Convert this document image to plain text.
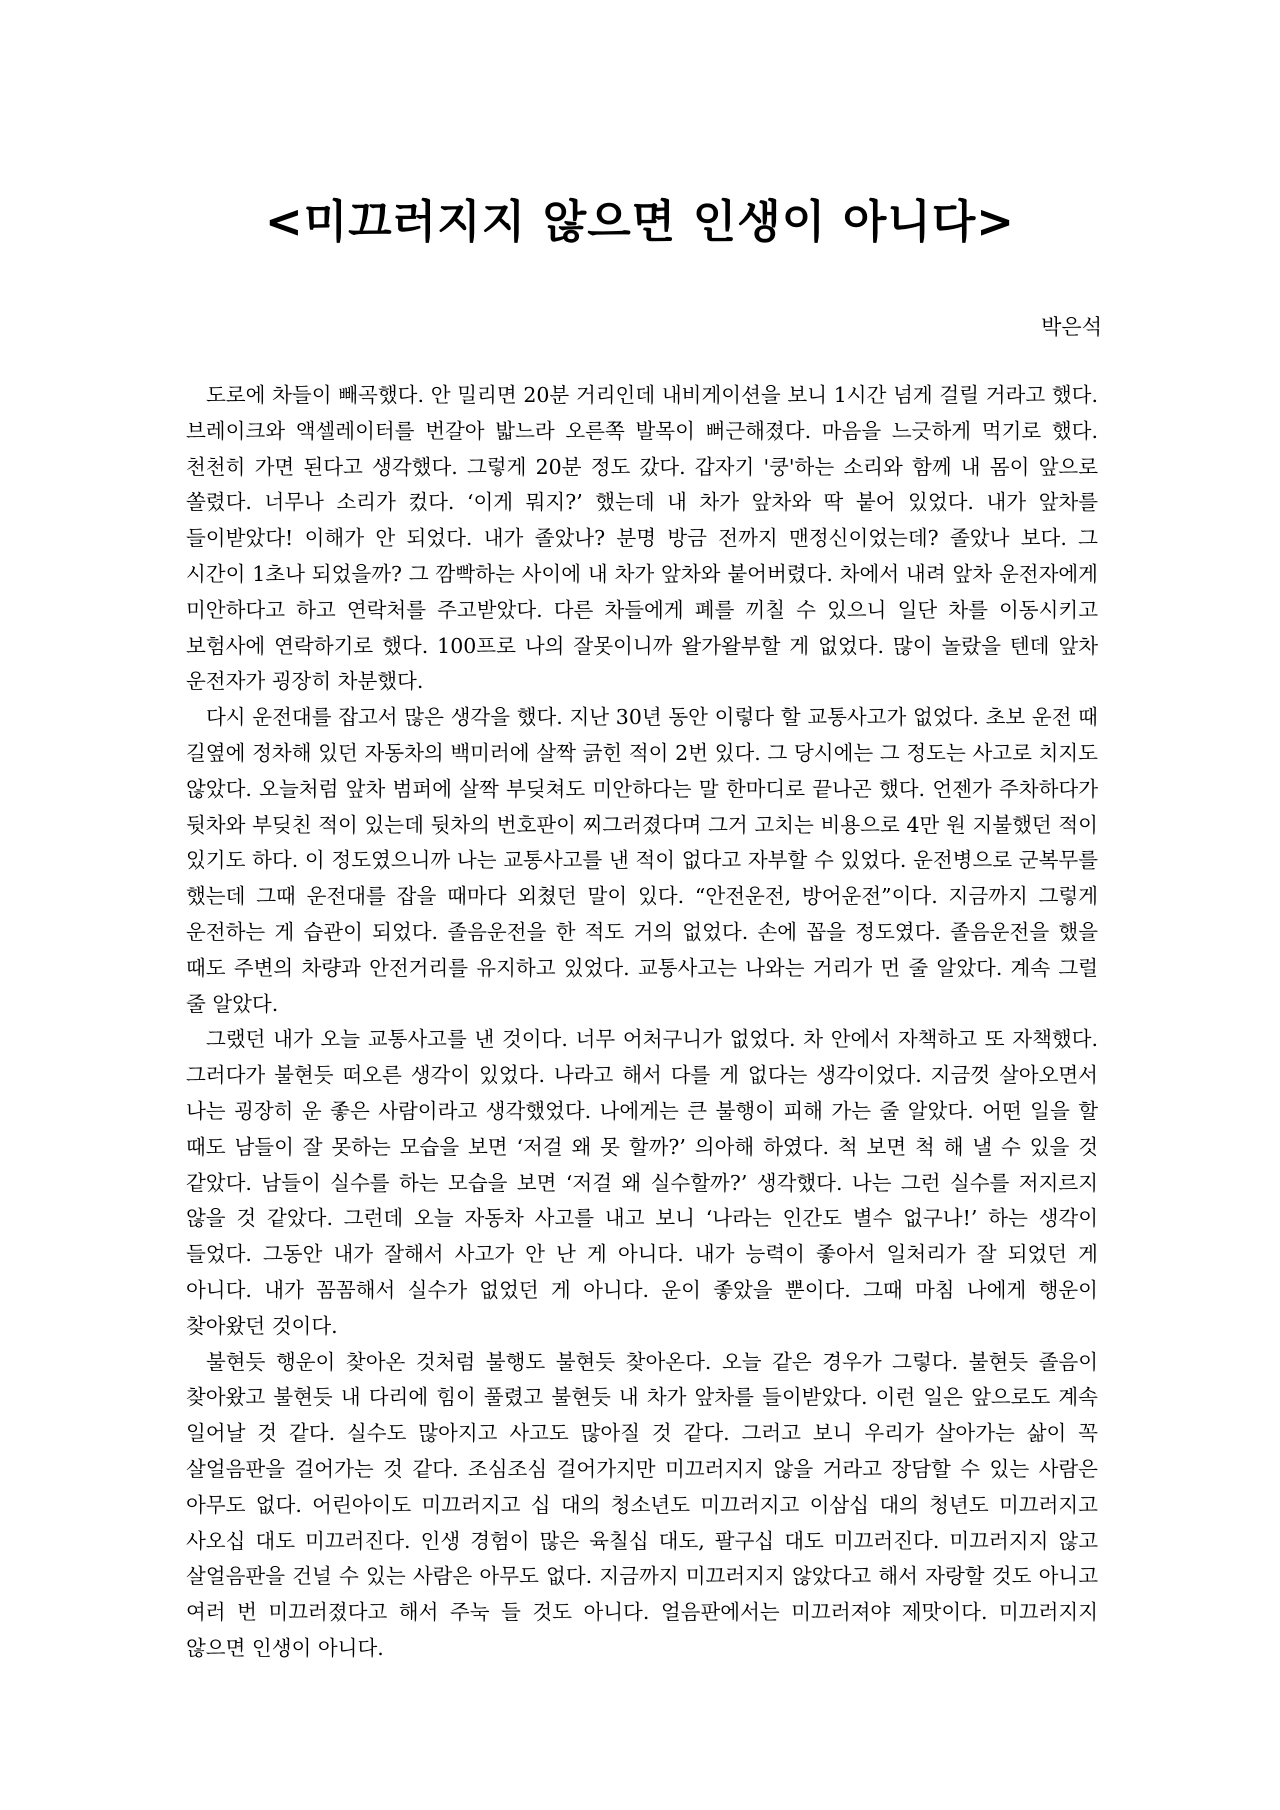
<미끄러지지 않으면 인생이 아니다>
박은석

도로에 차들이 빼곡했다. 안 밀리면 20분 거리인데 내비게이션을 보니 1시간 넘게 걸릴 거라고 했다. 브레이크와 액셀레이터를 번갈아 밟느라 오른쪽 발목이 뻐근해졌다. 마음을 느긋하게 먹기로 했다. 천천히 가면 된다고 생각했다. 그렇게 20분 정도 갔다. 갑자기 '쿵'하는 소리와 함께 내 몸이 앞으로 쏠렸다. 너무나 소리가 컸다. ‘이게 뭐지?’ 했는데 내 차가 앞차와 딱 붙어 있었다. 내가 앞차를 들이받았다! 이해가 안 되었다. 내가 졸았나? 분명 방금 전까지 맨정신이었는데? 졸았나 보다. 그 시간이 1초나 되었을까? 그 깜빡하는 사이에 내 차가 앞차와 붙어버렸다. 차에서 내려 앞차 운전자에게 미안하다고 하고 연락처를 주고받았다. 다른 차들에게 폐를 끼칠 수 있으니 일단 차를 이동시키고 보험사에 연락하기로 했다. 100프로 나의 잘못이니까 왈가왈부할 게 없었다. 많이 놀랐을 텐데 앞차 운전자가 굉장히 차분했다.

다시 운전대를 잡고서 많은 생각을 했다. 지난 30년 동안 이렇다 할 교통사고가 없었다. 초보 운전 때 길옆에 정차해 있던 자동차의 백미러에 살짝 긁힌 적이 2번 있다. 그 당시에는 그 정도는 사고로 치지도 않았다. 오늘처럼 앞차 범퍼에 살짝 부딪쳐도 미안하다는 말 한마디로 끝나곤 했다. 언젠가 주차하다가 뒷차와 부딪친 적이 있는데 뒷차의 번호판이 찌그러졌다며 그거 고치는 비용으로 4만 원 지불했던 적이 있기도 하다. 이 정도였으니까 나는 교통사고를 낸 적이 없다고 자부할 수 있었다. 운전병으로 군복무를 했는데 그때 운전대를 잡을 때마다 외쳤던 말이 있다. “안전운전, 방어운전”이다. 지금까지 그렇게 운전하는 게 습관이 되었다. 졸음운전을 한 적도 거의 없었다. 손에 꼽을 정도였다. 졸음운전을 했을 때도 주변의 차량과 안전거리를 유지하고 있었다. 교통사고는 나와는 거리가 먼 줄 알았다. 계속 그럴 줄 알았다.

그랬던 내가 오늘 교통사고를 낸 것이다. 너무 어처구니가 없었다. 차 안에서 자책하고 또 자책했다. 그러다가 불현듯 떠오른 생각이 있었다. 나라고 해서 다를 게 없다는 생각이었다. 지금껏 살아오면서 나는 굉장히 운 좋은 사람이라고 생각했었다. 나에게는 큰 불행이 피해 가는 줄 알았다. 어떤 일을 할 때도 남들이 잘 못하는 모습을 보면 ‘저걸 왜 못 할까?’ 의아해 하였다. 척 보면 척 해 낼 수 있을 것 같았다. 남들이 실수를 하는 모습을 보면 ‘저걸 왜 실수할까?’ 생각했다. 나는 그런 실수를 저지르지 않을 것 같았다. 그런데 오늘 자동차 사고를 내고 보니 ‘나라는 인간도 별수 없구나!’ 하는 생각이 들었다. 그동안 내가 잘해서 사고가 안 난 게 아니다. 내가 능력이 좋아서 일처리가 잘 되었던 게 아니다. 내가 꼼꼼해서 실수가 없었던 게 아니다. 운이 좋았을 뿐이다. 그때 마침 나에게 행운이 찾아왔던 것이다.

불현듯 행운이 찾아온 것처럼 불행도 불현듯 찾아온다. 오늘 같은 경우가 그렇다. 불현듯 졸음이 찾아왔고 불현듯 내 다리에 힘이 풀렸고 불현듯 내 차가 앞차를 들이받았다. 이런 일은 앞으로도 계속 일어날 것 같다. 실수도 많아지고 사고도 많아질 것 같다. 그러고 보니 우리가 살아가는 삶이 꼭 살얼음판을 걸어가는 것 같다. 조심조심 걸어가지만 미끄러지지 않을 거라고 장담할 수 있는 사람은 아무도 없다. 어린아이도 미끄러지고 십 대의 청소년도 미끄러지고 이삼십 대의 청년도 미끄러지고 사오십 대도 미끄러진다. 인생 경험이 많은 육칠십 대도, 팔구십 대도 미끄러진다. 미끄러지지 않고 살얼음판을 건널 수 있는 사람은 아무도 없다. 지금까지 미끄러지지 않았다고 해서 자랑할 것도 아니고 여러 번 미끄러졌다고 해서 주눅 들 것도 아니다. 얼음판에서는 미끄러져야 제맛이다. 미끄러지지 않으면 인생이 아니다.
